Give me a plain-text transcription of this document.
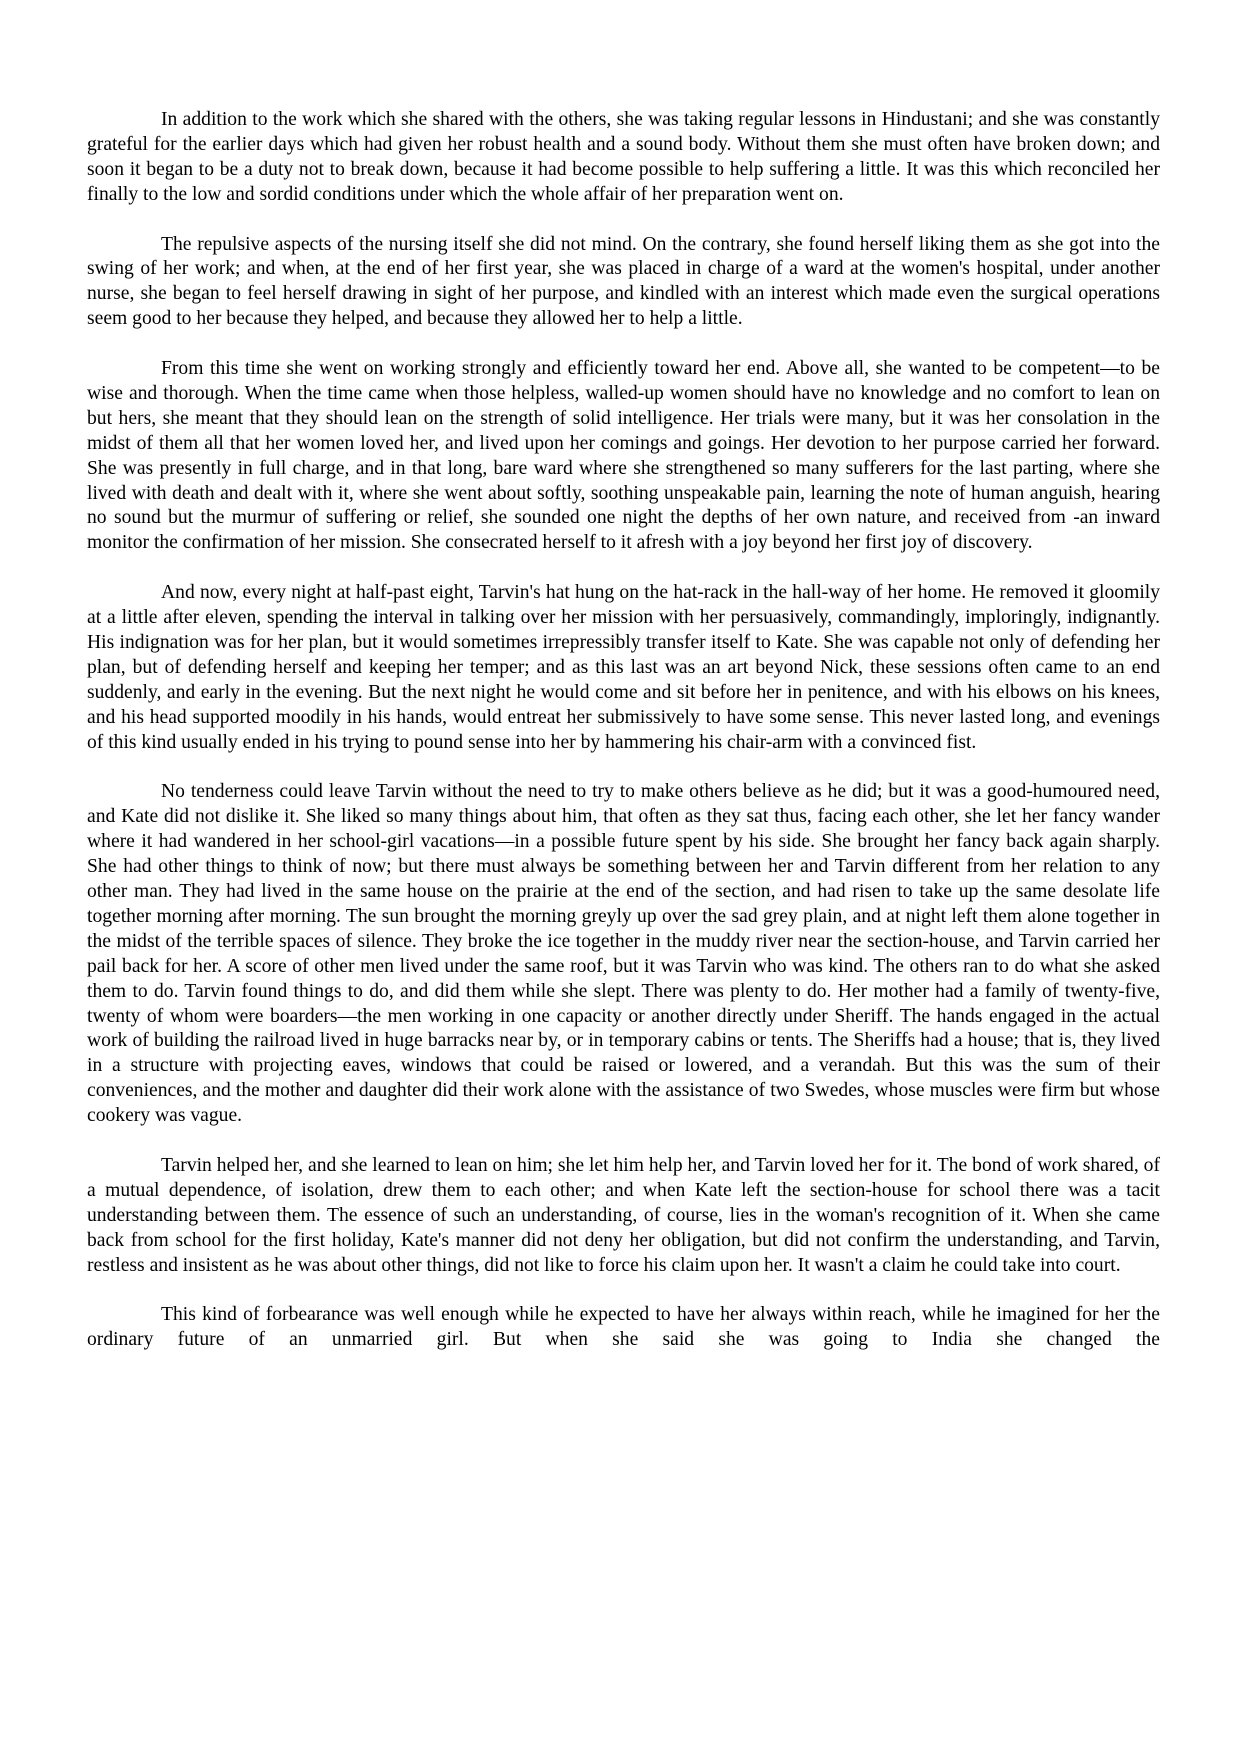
In addition to the work which she shared with the others, she was taking regular lessons in Hindustani; and she was constantly grateful for the earlier days which had given her robust health and a sound body. Without them she must often have broken down; and soon it began to be a duty not to break down, because it had become possible to help suffering a little. It was this which reconciled her finally to the low and sordid conditions under which the whole affair of her preparation went on.

The repulsive aspects of the nursing itself she did not mind. On the contrary, she found herself liking them as she got into the swing of her work; and when, at the end of her first year, she was placed in charge of a ward at the women's hospital, under another nurse, she began to feel herself drawing in sight of her purpose, and kindled with an interest which made even the surgical operations seem good to her because they helped, and because they allowed her to help a little.

From this time she went on working strongly and efficiently toward her end. Above all, she wanted to be competent—to be wise and thorough. When the time came when those helpless, walled-up women should have no knowledge and no comfort to lean on but hers, she meant that they should lean on the strength of solid intelligence. Her trials were many, but it was her consolation in the midst of them all that her women loved her, and lived upon her comings and goings. Her devotion to her purpose carried her forward. She was presently in full charge, and in that long, bare ward where she strengthened so many sufferers for the last parting, where she lived with death and dealt with it, where she went about softly, soothing unspeakable pain, learning the note of human anguish, hearing no sound but the murmur of suffering or relief, she sounded one night the depths of her own nature, and received from -an inward monitor the confirmation of her mission. She consecrated herself to it afresh with a joy beyond her first joy of discovery.

And now, every night at half-past eight, Tarvin's hat hung on the hat-rack in the hall-way of her home. He removed it gloomily at a little after eleven, spending the interval in talking over her mission with her persuasively, commandingly, imploringly, indignantly. His indignation was for her plan, but it would sometimes irrepressibly transfer itself to Kate. She was capable not only of defending her plan, but of defending herself and keeping her temper; and as this last was an art beyond Nick, these sessions often came to an end suddenly, and early in the evening. But the next night he would come and sit before her in penitence, and with his elbows on his knees, and his head supported moodily in his hands, would entreat her submissively to have some sense. This never lasted long, and evenings of this kind usually ended in his trying to pound sense into her by hammering his chair-arm with a convinced fist.

No tenderness could leave Tarvin without the need to try to make others believe as he did; but it was a good-humoured need, and Kate did not dislike it. She liked so many things about him, that often as they sat thus, facing each other, she let her fancy wander where it had wandered in her school-girl vacations—in a possible future spent by his side. She brought her fancy back again sharply. She had other things to think of now; but there must always be something between her and Tarvin different from her relation to any other man. They had lived in the same house on the prairie at the end of the section, and had risen to take up the same desolate life together morning after morning. The sun brought the morning greyly up over the sad grey plain, and at night left them alone together in the midst of the terrible spaces of silence. They broke the ice together in the muddy river near the section-house, and Tarvin carried her pail back for her. A score of other men lived under the same roof, but it was Tarvin who was kind. The others ran to do what she asked them to do. Tarvin found things to do, and did them while she slept. There was plenty to do. Her mother had a family of twenty-five, twenty of whom were boarders—the men working in one capacity or another directly under Sheriff. The hands engaged in the actual work of building the railroad lived in huge barracks near by, or in temporary cabins or tents. The Sheriffs had a house; that is, they lived in a structure with projecting eaves, windows that could be raised or lowered, and a verandah. But this was the sum of their conveniences, and the mother and daughter did their work alone with the assistance of two Swedes, whose muscles were firm but whose cookery was vague.

Tarvin helped her, and she learned to lean on him; she let him help her, and Tarvin loved her for it. The bond of work shared, of a mutual dependence, of isolation, drew them to each other; and when Kate left the section-house for school there was a tacit understanding between them. The essence of such an understanding, of course, lies in the woman's recognition of it. When she came back from school for the first holiday, Kate's manner did not deny her obligation, but did not confirm the understanding, and Tarvin, restless and insistent as he was about other things, did not like to force his claim upon her. It wasn't a claim he could take into court.

This kind of forbearance was well enough while he expected to have her always within reach, while he imagined for her the ordinary future of an unmarried girl. But when she said she was going to India she changed the
